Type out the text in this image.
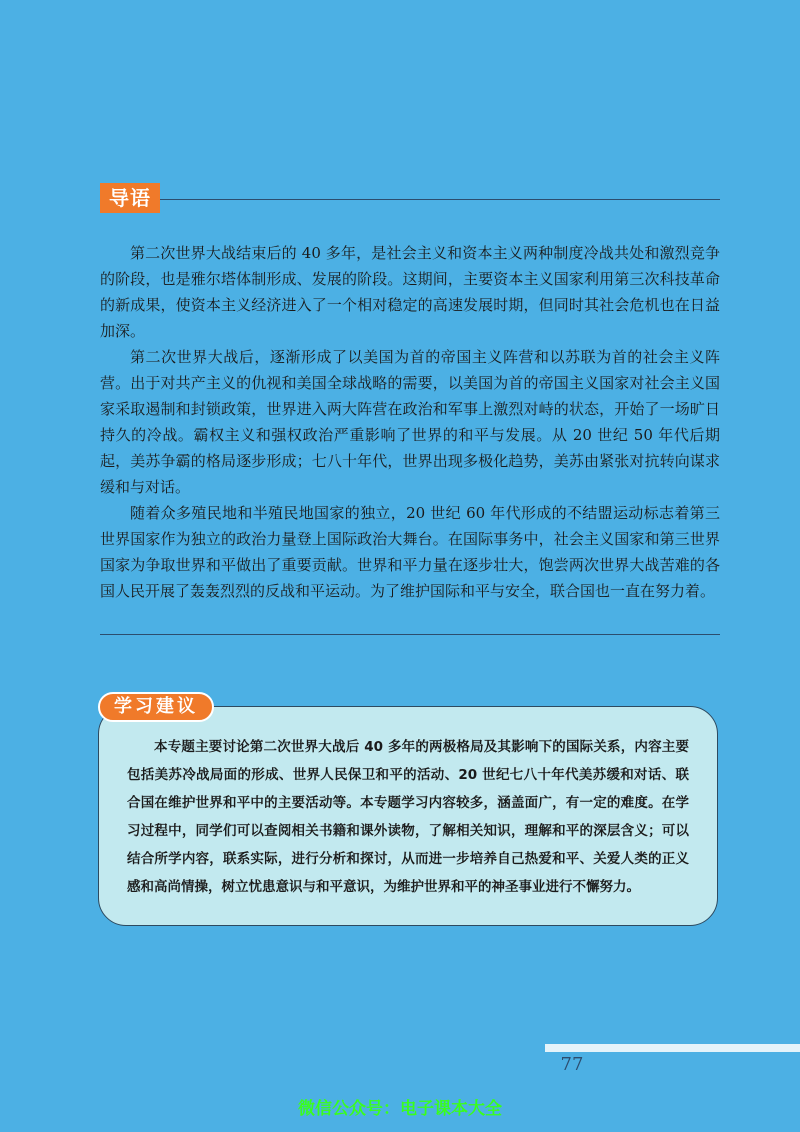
导语

第二次世界大战结束后的 40 多年，是社会主义和资本主义两种制度冷战共处和激烈竞争的阶段，也是雅尔塔体制形成、发展的阶段。这期间，主要资本主义国家利用第三次科技革命的新成果，使资本主义经济进入了一个相对稳定的高速发展时期，但同时其社会危机也在日益加深。

第二次世界大战后，逐渐形成了以美国为首的帝国主义阵营和以苏联为首的社会主义阵营。出于对共产主义的仇视和美国全球战略的需要，以美国为首的帝国主义国家对社会主义国家采取遏制和封锁政策，世界进入两大阵营在政治和军事上激烈对峙的状态，开始了一场旷日持久的冷战。霸权主义和强权政治严重影响了世界的和平与发展。从 20 世纪 50 年代后期起，美苏争霸的格局逐步形成；七八十年代，世界出现多极化趋势，美苏由紧张对抗转向谋求缓和与对话。

随着众多殖民地和半殖民地国家的独立，20 世纪 60 年代形成的不结盟运动标志着第三世界国家作为独立的政治力量登上国际政治大舞台。在国际事务中，社会主义国家和第三世界国家为争取世界和平做出了重要贡献。世界和平力量在逐步壮大，饱尝两次世界大战苦难的各国人民开展了轰轰烈烈的反战和平运动。为了维护国际和平与安全，联合国也一直在努力着。

本专题主要讨论第二次世界大战后 40 多年的两极格局及其影响下的国际关系，内容主要包括美苏冷战局面的形成、世界人民保卫和平的活动、20 世纪七八十年代美苏缓和对话、联合国在维护世界和平中的主要活动等。本专题学习内容较多，涵盖面广，有一定的难度。在学习过程中，同学们可以查阅相关书籍和课外读物，了解相关知识，理解和平的深层含义；可以结合所学内容，联系实际，进行分析和探讨，从而进一步培养自己热爱和平、关爱人类的正义感和高尚情操，树立忧患意识与和平意识，为维护世界和平的神圣事业进行不懈努力。

学习建议
77
微信公众号：电子课本大全
